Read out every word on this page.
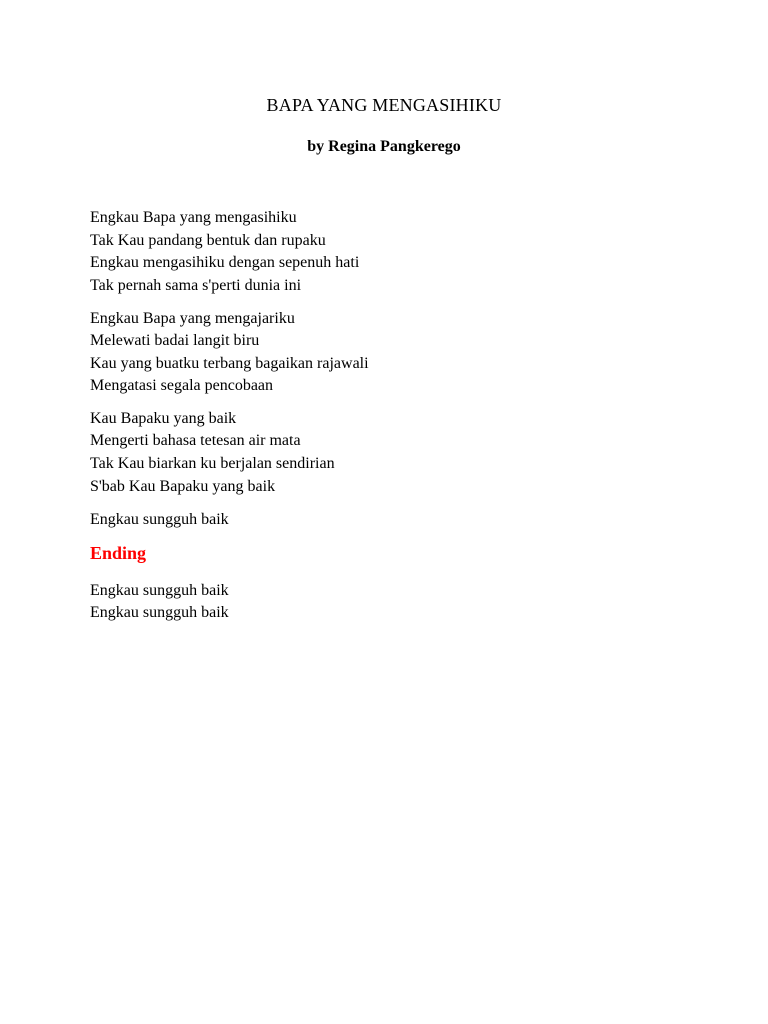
BAPA YANG MENGASIHIKU
by Regina Pangkerego
Engkau Bapa yang mengasihiku
Tak Kau pandang bentuk dan rupaku
Engkau mengasihiku dengan sepenuh hati
Tak pernah sama s'perti dunia ini
Engkau Bapa yang mengajariku
Melewati badai langit biru
Kau yang buatku terbang bagaikan rajawali
Mengatasi segala pencobaan
Kau Bapaku yang baik
Mengerti bahasa tetesan air mata
Tak Kau biarkan ku berjalan sendirian
S'bab Kau Bapaku yang baik
Engkau sungguh baik
Ending
Engkau sungguh baik
Engkau sungguh baik
